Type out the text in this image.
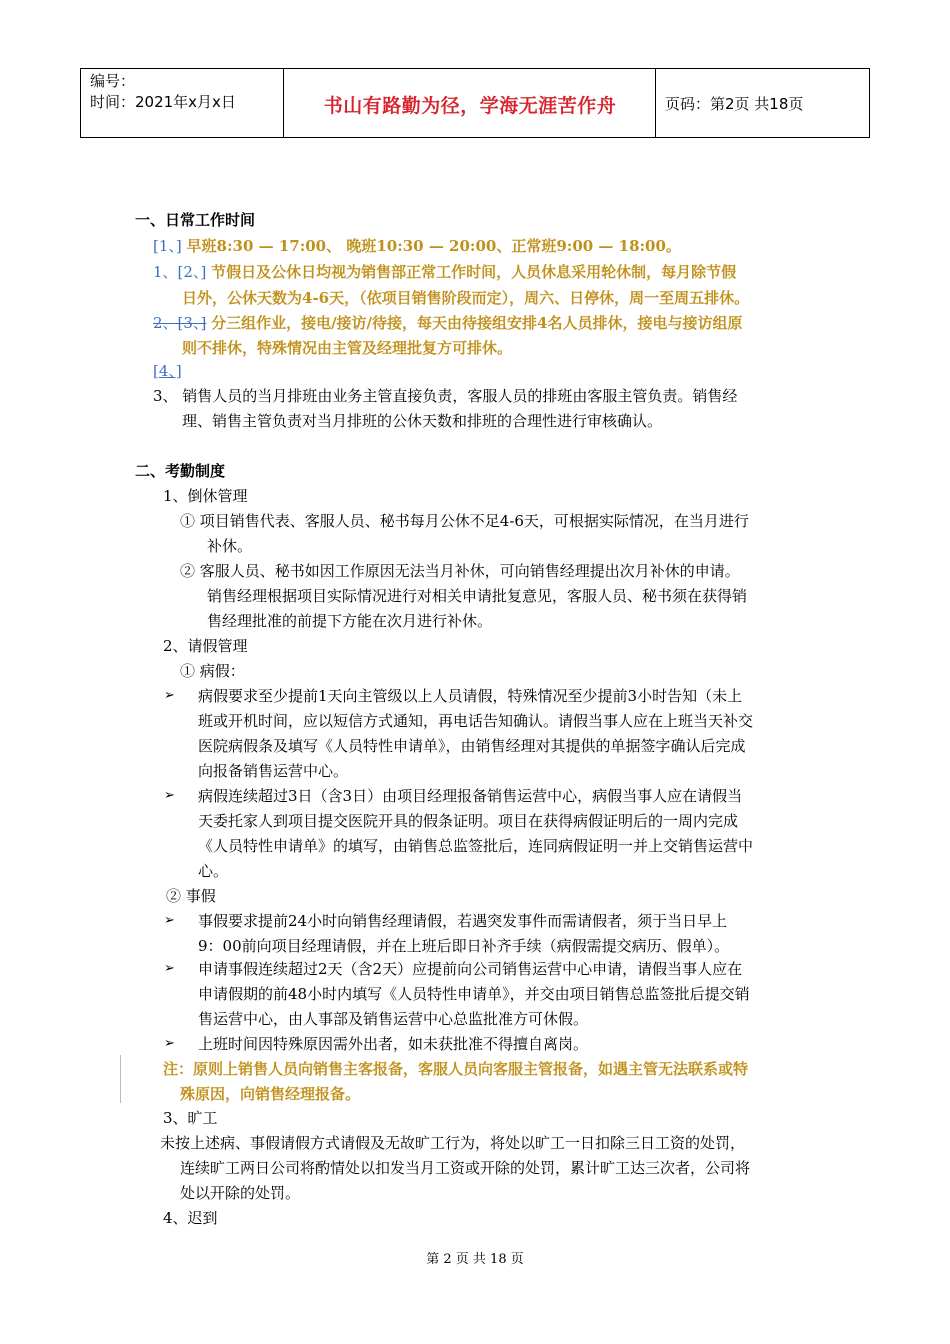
编号：
时间：2021年x月x日	书山有路勤为径，学海无涯苦作舟	页码：第2页 共18页
一、日常工作时间
[1、] 早班8:30 — 17:00、 晚班10:30 — 20:00、正常班9:00 — 18:00。
1、[2、] 节假日及公休日均视为销售部正常工作时间，人员休息采用轮休制，每月除节假
日外，公休天数为4-6天，（依项目销售阶段而定），周六、日停休，周一至周五排休。
2、[3、] 分三组作业，接电/接访/待接，每天由待接组安排4名人员排休，接电与接访组原
则不排休，特殊情况由主管及经理批复方可排休。
[4、]
3、 销售人员的当月排班由业务主管直接负责，客服人员的排班由客服主管负责。销售经
理、销售主管负责对当月排班的公休天数和排班的合理性进行审核确认。
二、考勤制度
1、倒休管理
① 项目销售代表、客服人员、秘书每月公休不足4-6天，可根据实际情况，在当月进行
补休。
② 客服人员、秘书如因工作原因无法当月补休，可向销售经理提出次月补休的申请。
销售经理根据项目实际情况进行对相关申请批复意见，客服人员、秘书须在获得销
售经理批准的前提下方能在次月进行补休。
2、请假管理
① 病假：
➢ 病假要求至少提前1天向主管级以上人员请假，特殊情况至少提前3小时告知（未上
班或开机时间，应以短信方式通知，再电话告知确认。请假当事人应在上班当天补交
医院病假条及填写《人员特性申请单》，由销售经理对其提供的单据签字确认后完成
向报备销售运营中心。
➢ 病假连续超过3日（含3日）由项目经理报备销售运营中心，病假当事人应在请假当
天委托家人到项目提交医院开具的假条证明。项目在获得病假证明后的一周内完成
《人员特性申请单》的填写，由销售总监签批后，连同病假证明一并上交销售运营中
心。
② 事假
➢ 事假要求提前24小时向销售经理请假，若遇突发事件而需请假者，须于当日早上
9：00前向项目经理请假，并在上班后即日补齐手续（病假需提交病历、假单）。
➢ 申请事假连续超过2天（含2天）应提前向公司销售运营中心申请，请假当事人应在
申请假期的前48小时内填写《人员特性申请单》，并交由项目销售总监签批后提交销
售运营中心，由人事部及销售运营中心总监批准方可休假。
➢ 上班时间因特殊原因需外出者，如未获批准不得擅自离岗。
注：原则上销售人员向销售主客报备，客服人员向客服主管报备，如遇主管无法联系或特
殊原因，向销售经理报备。
3、旷工
未按上述病、事假请假方式请假及无故旷工行为，将处以旷工一日扣除三日工资的处罚，
连续旷工两日公司将酌情处以扣发当月工资或开除的处罚，累计旷工达三次者，公司将
处以开除的处罚。
4、迟到
第 2 页 共 18 页
